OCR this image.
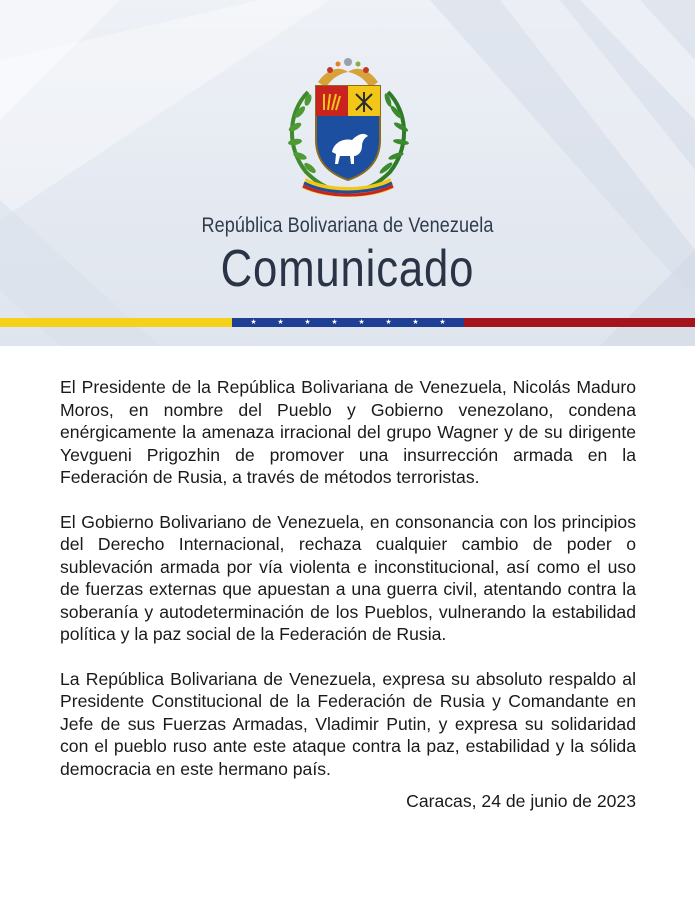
República Bolivariana de Venezuela
Comunicado
★	★	★	★	★	★	★	★

El Presidente de la República Bolivariana de Venezuela, Nicolás Maduro Moros, en nombre del Pueblo y Gobierno venezolano, condena enérgicamente la amenaza irracional del grupo Wagner y de su dirigente Yevgueni Prigozhin de promover una insurrección armada en la Federación de Rusia, a través de métodos terroristas.

El Gobierno Bolivariano de Venezuela, en consonancia con los principios del Derecho Internacional, rechaza cualquier cambio de poder o sublevación armada por vía violenta e inconstitucional, así como el uso de fuerzas externas que apuestan a una guerra civil, atentando contra la soberanía y autodeterminación de los Pueblos, vulnerando la estabilidad política y la paz social de la Federación de Rusia.

La República Bolivariana de Venezuela, expresa su absoluto respaldo al Presidente Constitucional de la Federación de Rusia y Comandante en Jefe de sus Fuerzas Armadas, Vladimir Putin, y expresa su solidaridad con el pueblo ruso ante este ataque contra la paz, estabilidad y la sólida democracia en este hermano país.

Caracas, 24 de junio de 2023
